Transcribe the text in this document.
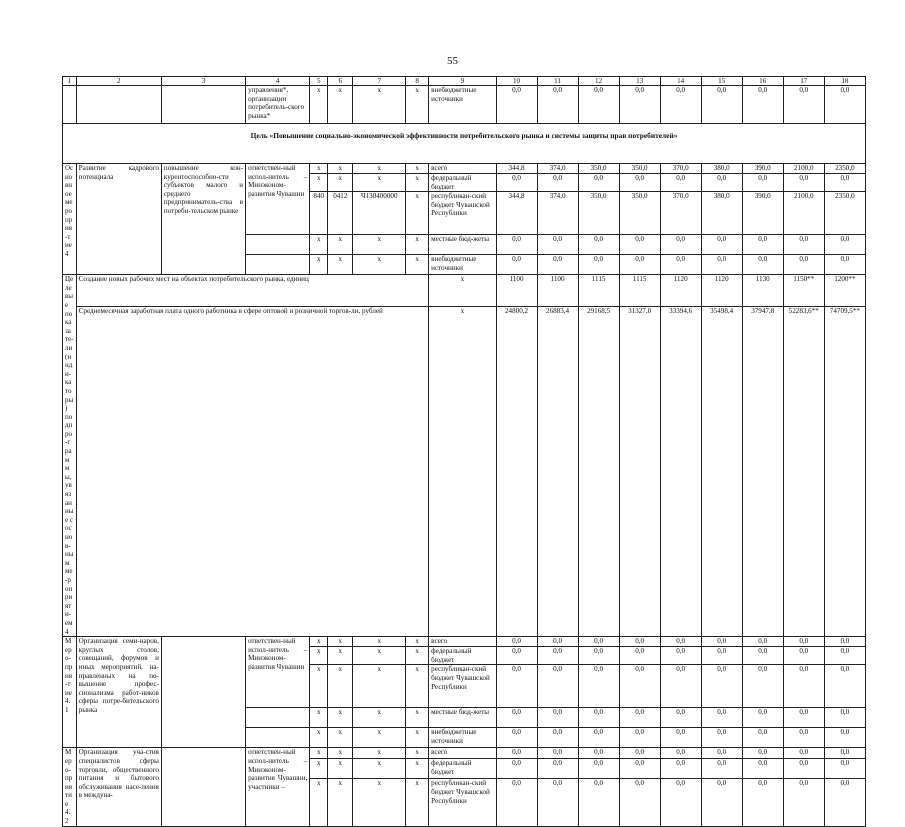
55
1	2	3	4	5	6	7	8	9	10	11	12	13	14	15	16	17	18
			управления*, организации потребитель-ского рынка*	x	x	x	x	внебюджетные источники	0,0	0,0	0,0	0,0	0,0	0,0	0,0	0,0	0,0
Цель «Повышение социально-экономической эффективности потребительского рынка и системы защиты прав потребителей»																	
Основное мероприя-тие 4	Развитие кадрового потенциала	повышение кон-курентоспособно-сти субъектов малого и среднего предприниматель-ства в потреби-тельском рынке	ответствен-ный испол-нитель – Минэконом-развития Чувашии	x	x	x	x	всего	344,8	374,0	350,0	350,0	370,0	380,0	390,0	2100,0	2350,0
				x	x	x	x	федеральный бюджет	0,0	0,0	0,0	0,0	0,0	0,0	0,0	0,0	0,0
				840	0412	Ч130400000	x	республикан-ский бюджет Чувашской Республики	344,8	374,0	350,0	350,0	370,0	380,0	390,0	2100,0	2350,0
				x	x	x	x	местные бюд-жеты	0,0	0,0	0,0	0,0	0,0	0,0	0,0	0,0	0,0
				x	x	x	x	внебюджетные источники	0,0	0,0	0,0	0,0	0,0	0,0	0,0	0,0	0,0
Целевые показате-ли (инди-каторы) подпро-граммы, увязанные с основ-ным ме-роприяти-ем 4	Создание новых рабочих мест на объектах потребительского рынка, единиц							x	1100	1100	1115	1115	1120	1120	1130	1150**	1200**
	Среднемесячная заработная плата одного работника в сфере оптовой и розничной торгов-ли, рублей							x	24800,2	26883,4	29168,5	31327,0	33394,6	35498,4	37947,8	52283,6**	74709,5**
Меро-прия-тие 4.1	Организация семи-наров, круглых столов, совещаний, форумов и иных мероприятий, на-правленных на по-вышение профес-сионализма работ-ников сферы потре-бительского рынка		ответствен-ный испол-нитель – Минэконом-развития Чувашии	x	x	x	x	всего	0,0	0,0	0,0	0,0	0,0	0,0	0,0	0,0	0,0
				x	x	x	x	федеральный бюджет	0,0	0,0	0,0	0,0	0,0	0,0	0,0	0,0	0,0
				x	x	x	x	республикан-ский бюджет Чувашской Республики	0,0	0,0	0,0	0,0	0,0	0,0	0,0	0,0	0,0
				x	x	x	x	местные бюд-жеты	0,0	0,0	0,0	0,0	0,0	0,0	0,0	0,0	0,0
				x	x	x	x	внебюджетные источники	0,0	0,0	0,0	0,0	0,0	0,0	0,0	0,0	0,0
Меро-приятие 4.2	Организация уча-стия специалистов сферы торговли, общественного питания и бытового обслуживания насе-ления в междуна-		ответствен-ный испол-нитель – Минэконом-развития Чувашии, участники –	x	x	x	x	всего	0,0	0,0	0,0	0,0	0,0	0,0	0,0	0,0	0,0
				x	x	x	x	федеральный бюджет	0,0	0,0	0,0	0,0	0,0	0,0	0,0	0,0	0,0
				x	x	x	x	республикан-ский бюджет Чувашской Республики	0,0	0,0	0,0	0,0	0,0	0,0	0,0	0,0	0,0
